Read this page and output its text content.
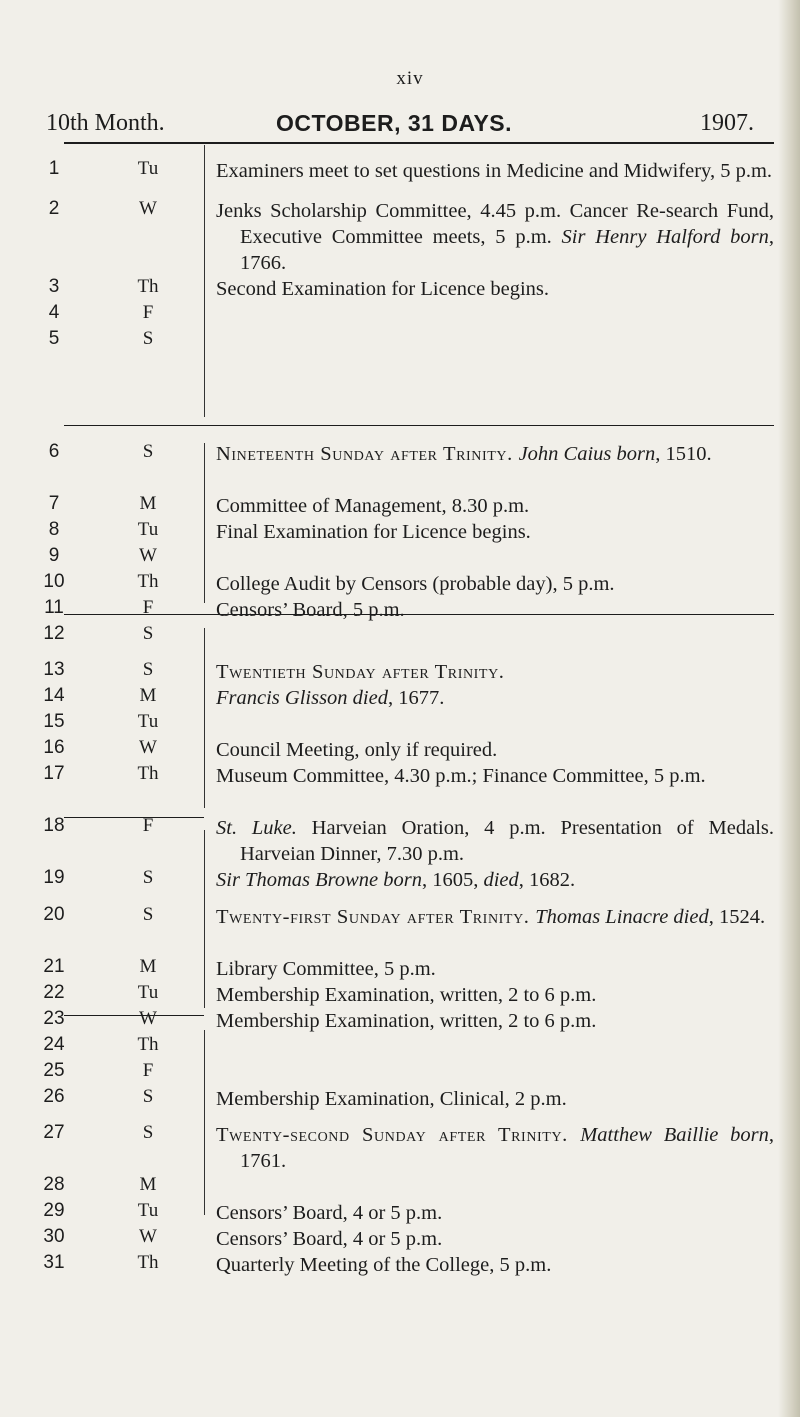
xiv
10th Month.	OCTOBER, 31 DAYS.	1907.
1	Tu	Examiners meet to set questions in Medicine and Midwifery, 5 p.m.
2	W	Jenks Scholarship Committee, 4.45 p.m. Cancer Re-search Fund, Executive Committee meets, 5 p.m. Sir Henry Halford born, 1766.
3	Th	Second Examination for Licence begins.
4	F
5	S
6	S	Nineteenth Sunday after Trinity. John Caius born, 1510.
7	M	Committee of Management, 8.30 p.m.
8	Tu	Final Examination for Licence begins.
9	W
10	Th	College Audit by Censors (probable day), 5 p.m.
11	F	Censors’ Board, 5 p.m.
12	S
13	S	Twentieth Sunday after Trinity.
14	M	Francis Glisson died, 1677.
15	Tu
16	W	Council Meeting, only if required.
17	Th	Museum Committee, 4.30 p.m.; Finance Committee, 5 p.m.
18	F	St. Luke. Harveian Oration, 4 p.m. Presentation of Medals. Harveian Dinner, 7.30 p.m.
19	S	Sir Thomas Browne born, 1605, died, 1682.
20	S	Twenty-first Sunday after Trinity. Thomas Linacre died, 1524.
21	M	Library Committee, 5 p.m.
22	Tu	Membership Examination, written, 2 to 6 p.m.
23	W	Membership Examination, written, 2 to 6 p.m.
24	Th
25	F
26	S	Membership Examination, Clinical, 2 p.m.
27	S	Twenty-second Sunday after Trinity. Matthew Baillie born, 1761.
28	M
29	Tu	Censors’ Board, 4 or 5 p.m.
30	W	Censors’ Board, 4 or 5 p.m.
31	Th	Quarterly Meeting of the College, 5 p.m.
